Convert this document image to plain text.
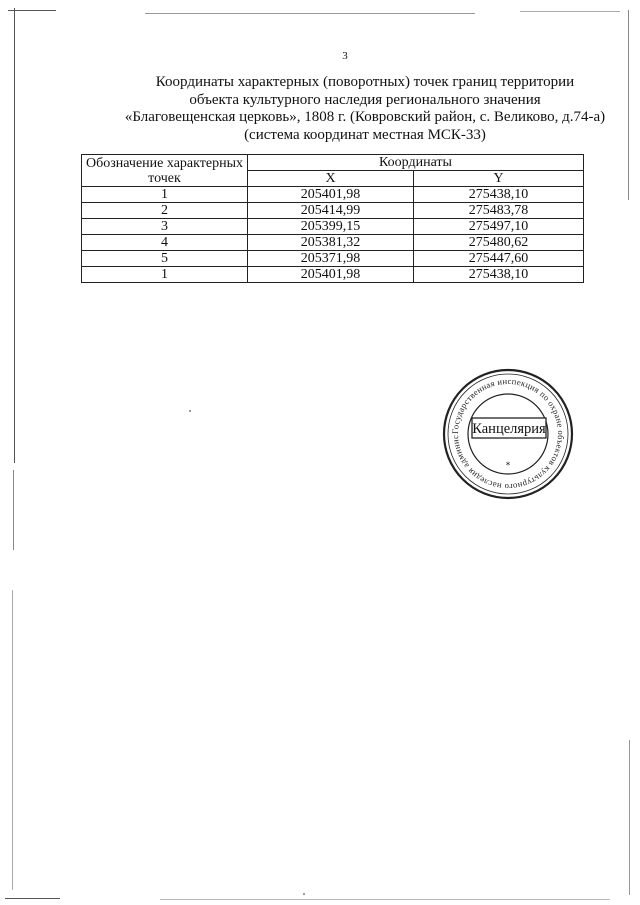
3
Координаты характерных (поворотных) точек границ территории
объекта культурного наследия регионального значения
«Благовещенская церковь», 1808 г. (Ковровский район, с. Великово, д.74-а)
(система координат местная МСК-33)
Обозначение характерных точек	Координаты	
	X	Y
1	205401,98	275438,10
2	205414,99	275483,78
3	205399,15	275497,10
4	205381,32	275480,62
5	205371,98	275447,60
1	205401,98	275438,10
Государственная инспекция по охране объектов культурного наследия админис Канцелярия
*
